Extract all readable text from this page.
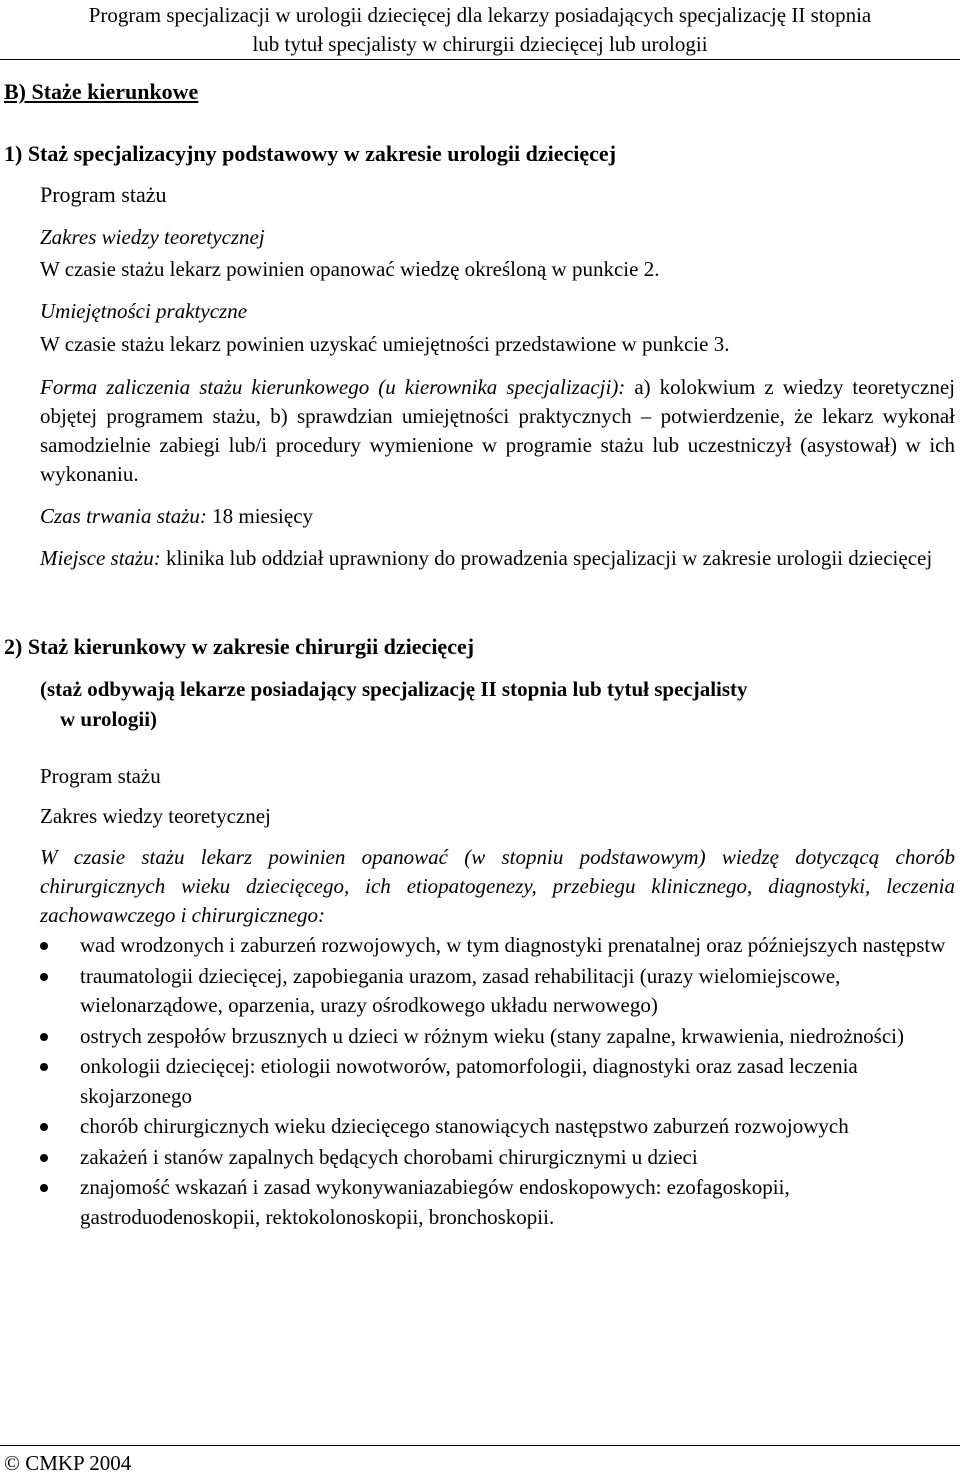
Program specjalizacji w urologii dziecięcej dla lekarzy posiadających specjalizację II stopnia
lub tytuł specjalisty w chirurgii dziecięcej lub urologii
B) Staże kierunkowe
1) Staż specjalizacyjny podstawowy w zakresie urologii dziecięcej
Program stażu
Zakres wiedzy teoretycznej
W czasie stażu lekarz powinien opanować wiedzę określoną w punkcie 2.
Umiejętności praktyczne
W czasie stażu lekarz powinien uzyskać umiejętności przedstawione w punkcie 3.
Forma zaliczenia stażu kierunkowego (u kierownika specjalizacji): a) kolokwium z wiedzy teoretycznej objętej programem stażu, b) sprawdzian umiejętności praktycznych – potwierdzenie, że lekarz wykonał samodzielnie zabiegi lub/i procedury wymienione w programie stażu lub uczestniczył (asystował) w ich wykonaniu.
Czas trwania stażu: 18 miesięcy
Miejsce stażu: klinika lub oddział uprawniony do prowadzenia specjalizacji w zakresie urologii dziecięcej
2) Staż kierunkowy w zakresie chirurgii dziecięcej
(staż odbywają lekarze posiadający specjalizację II stopnia lub tytuł specjalisty
w urologii)
Program stażu
Zakres wiedzy teoretycznej
W czasie stażu lekarz powinien opanować (w stopniu podstawowym) wiedzę dotyczącą chorób chirurgicznych wieku dziecięcego, ich etiopatogenezy, przebiegu klinicznego, diagnostyki, leczenia zachowawczego i chirurgicznego:
wad wrodzonych i zaburzeń rozwojowych, w tym diagnostyki prenatalnej oraz późniejszych następstw
traumatologii dziecięcej, zapobiegania urazom, zasad rehabilitacji (urazy wielomiejscowe, wielonarządowe, oparzenia, urazy ośrodkowego układu nerwowego)
ostrych zespołów brzusznych u dzieci w różnym wieku (stany zapalne, krwawienia, niedrożności)
onkologii dziecięcej: etiologii nowotworów, patomorfologii, diagnostyki oraz zasad leczenia skojarzonego
chorób chirurgicznych wieku dziecięcego stanowiących następstwo zaburzeń rozwojowych
zakażeń i stanów zapalnych będących chorobami chirurgicznymi u dzieci
znajomość wskazań i zasad wykonywaniazabiegów endoskopowych: ezofagoskopii, gastroduodenoskopii, rektokolonoskopii, bronchoskopii.
© CMKP 2004
